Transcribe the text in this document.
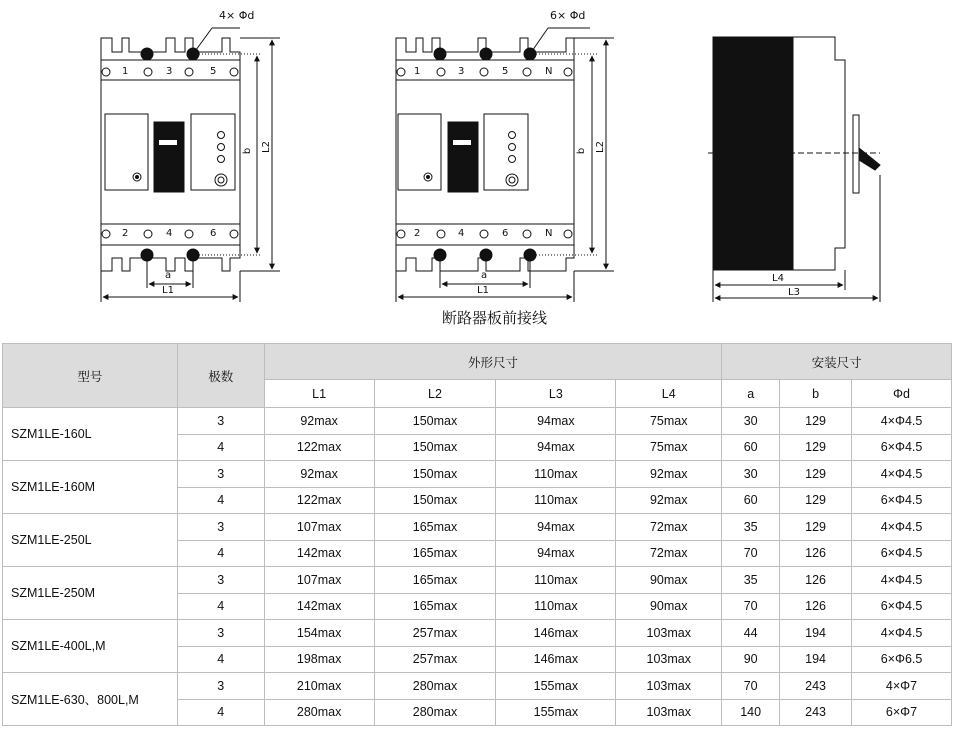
4× Φd	6× Φd
1	3	5
2	4	6
1	3	5	N
2	4	6	N
b L2
a
L1
b L2
a
L1
L4
L3
断路器板前接线
型号	极数	外形尺寸				安装尺寸		
		L1	L2	L3	L4	a	b	Φd
SZM1LE-160L	3	92max	150max	94max	75max	30	129	4×Φ4.5
	4	122max	150max	94max	75max	60	129	6×Φ4.5
SZM1LE-160M	3	92max	150max	110max	92max	30	129	4×Φ4.5
	4	122max	150max	110max	92max	60	129	6×Φ4.5
SZM1LE-250L	3	107max	165max	94max	72max	35	129	4×Φ4.5
	4	142max	165max	94max	72max	70	126	6×Φ4.5
SZM1LE-250M	3	107max	165max	110max	90max	35	126	4×Φ4.5
	4	142max	165max	110max	90max	70	126	6×Φ4.5
SZM1LE-400L,M	3	154max	257max	146max	103max	44	194	4×Φ4.5
	4	198max	257max	146max	103max	90	194	6×Φ6.5
SZM1LE-630、800L,M	3	210max	280max	155max	103max	70	243	4×Φ7
	4	280max	280max	155max	103max	140	243	6×Φ7
